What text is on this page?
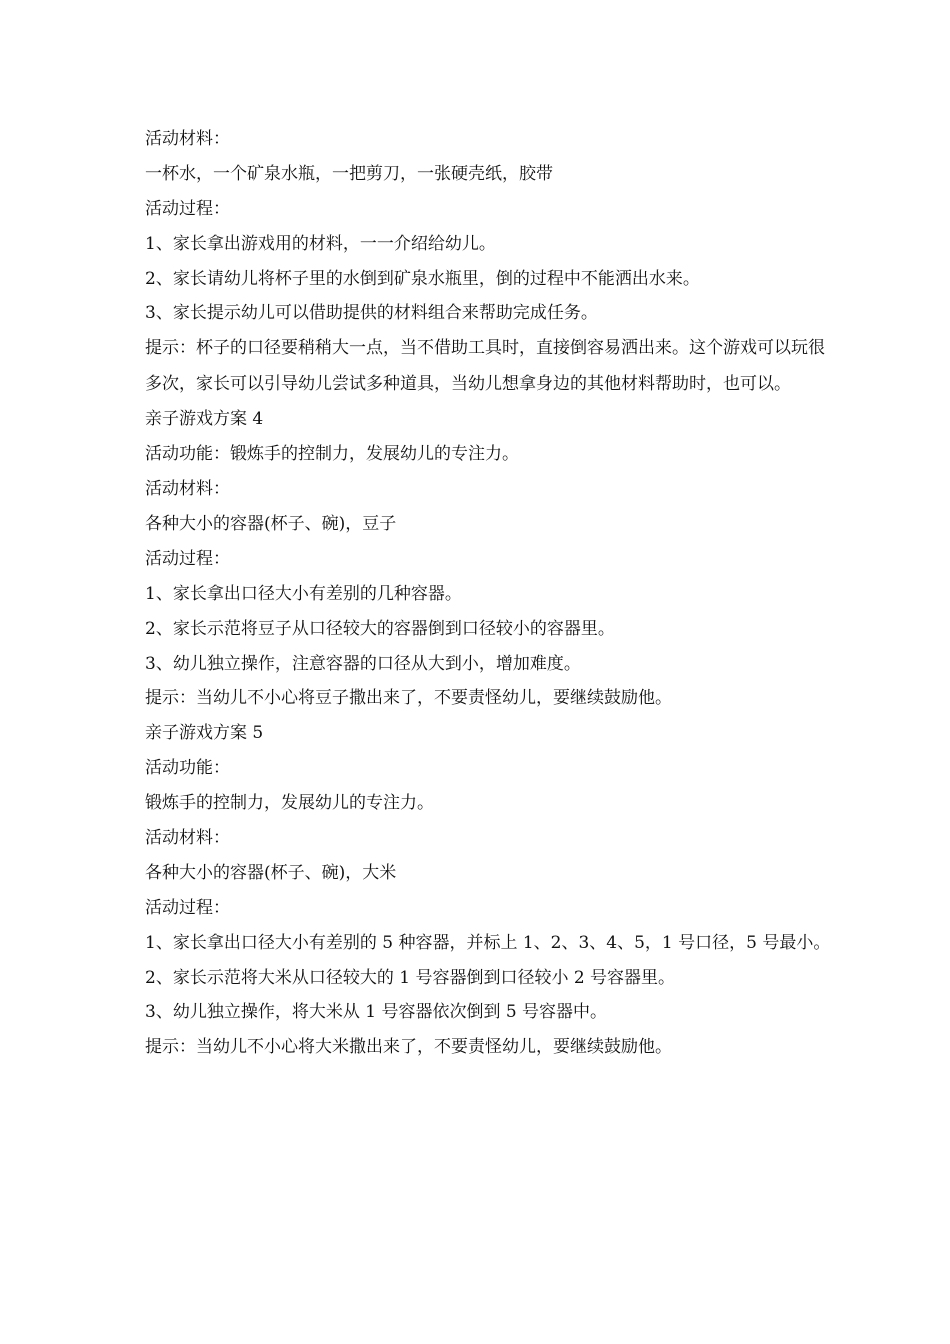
活动材料：

一杯水，一个矿泉水瓶，一把剪刀，一张硬壳纸，胶带

活动过程：

1、家长拿出游戏用的材料，一一介绍给幼儿。

2、家长请幼儿将杯子里的水倒到矿泉水瓶里，倒的过程中不能洒出水来。

3、家长提示幼儿可以借助提供的材料组合来帮助完成任务。

提示：杯子的口径要稍稍大一点，当不借助工具时，直接倒容易洒出来。这个游戏可以玩很多次，家长可以引导幼儿尝试多种道具，当幼儿想拿身边的其他材料帮助时，也可以。

亲子游戏方案 4

活动功能：锻炼手的控制力，发展幼儿的专注力。

活动材料：

各种大小的容器(杯子、碗)，豆子

活动过程：

1、家长拿出口径大小有差别的几种容器。

2、家长示范将豆子从口径较大的容器倒到口径较小的容器里。

3、幼儿独立操作，注意容器的口径从大到小，增加难度。

提示：当幼儿不小心将豆子撒出来了，不要责怪幼儿，要继续鼓励他。

亲子游戏方案 5

活动功能：

锻炼手的控制力，发展幼儿的专注力。

活动材料：

各种大小的容器(杯子、碗)，大米

活动过程：

1、家长拿出口径大小有差别的 5 种容器，并标上 1、2、3、4、5，1 号口径，5 号最小。

2、家长示范将大米从口径较大的 1 号容器倒到口径较小 2 号容器里。

3、幼儿独立操作，将大米从 1 号容器依次倒到 5 号容器中。

提示：当幼儿不小心将大米撒出来了，不要责怪幼儿，要继续鼓励他。
